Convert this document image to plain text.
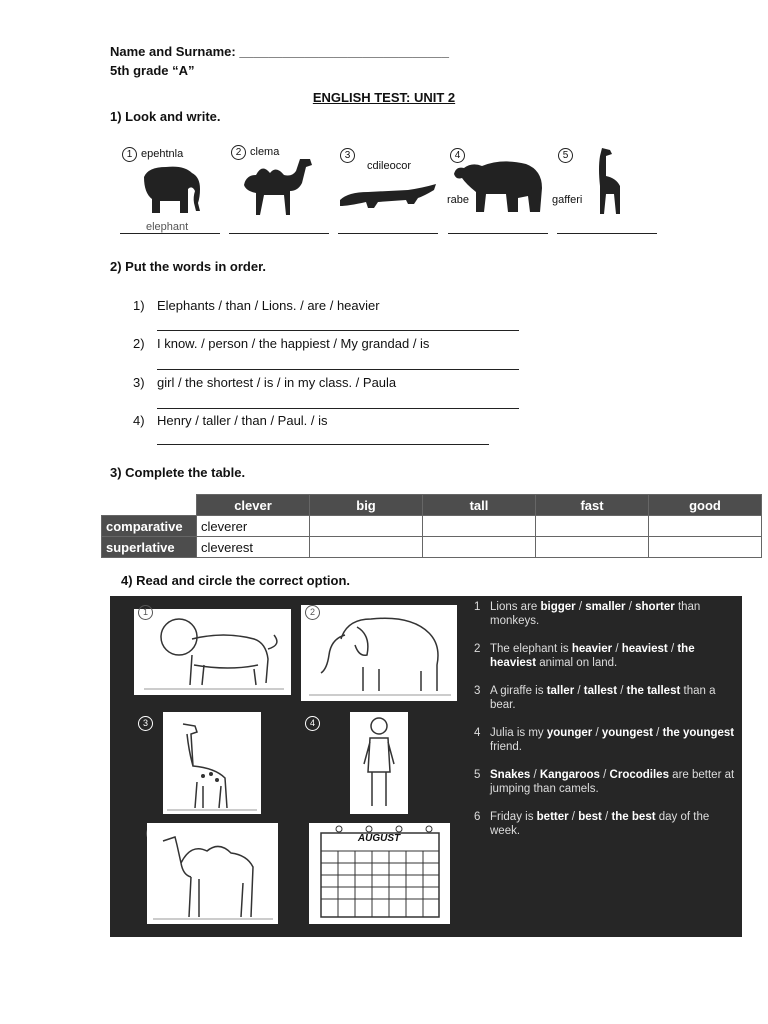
Name and Surname: _____________________________
5th grade “A”
ENGLISH TEST: UNIT 2
1) Look and write.
1 epehtnla
elephant
2 clema	3
cdileocor
4
rabe
5
gafferi
2) Put the words in order.
1) Elephants / than / Lions. / are / heavier
2) I know. / person / the happiest / My grandad / is
3) girl / the shortest / is / in my class. / Paula
4) Henry / taller / than / Paul. / is
3) Complete the table.
	clever	big	tall	fast	good
comparative	cleverer				
superlative	cleverest				
4) Read and circle the correct option.
1	2
3	4
AUGUST
1 Lions are bigger / smaller / shorter than monkeys.
2 The elephant is heavier / heaviest / the heaviest animal on land.
3 A giraffe is taller / tallest / the tallest than a bear.
4 Julia is my younger / youngest / the youngest friend.
5 Snakes / Kangaroos / Crocodiles are better at jumping than camels.
6 Friday is better / best / the best day of the week.
